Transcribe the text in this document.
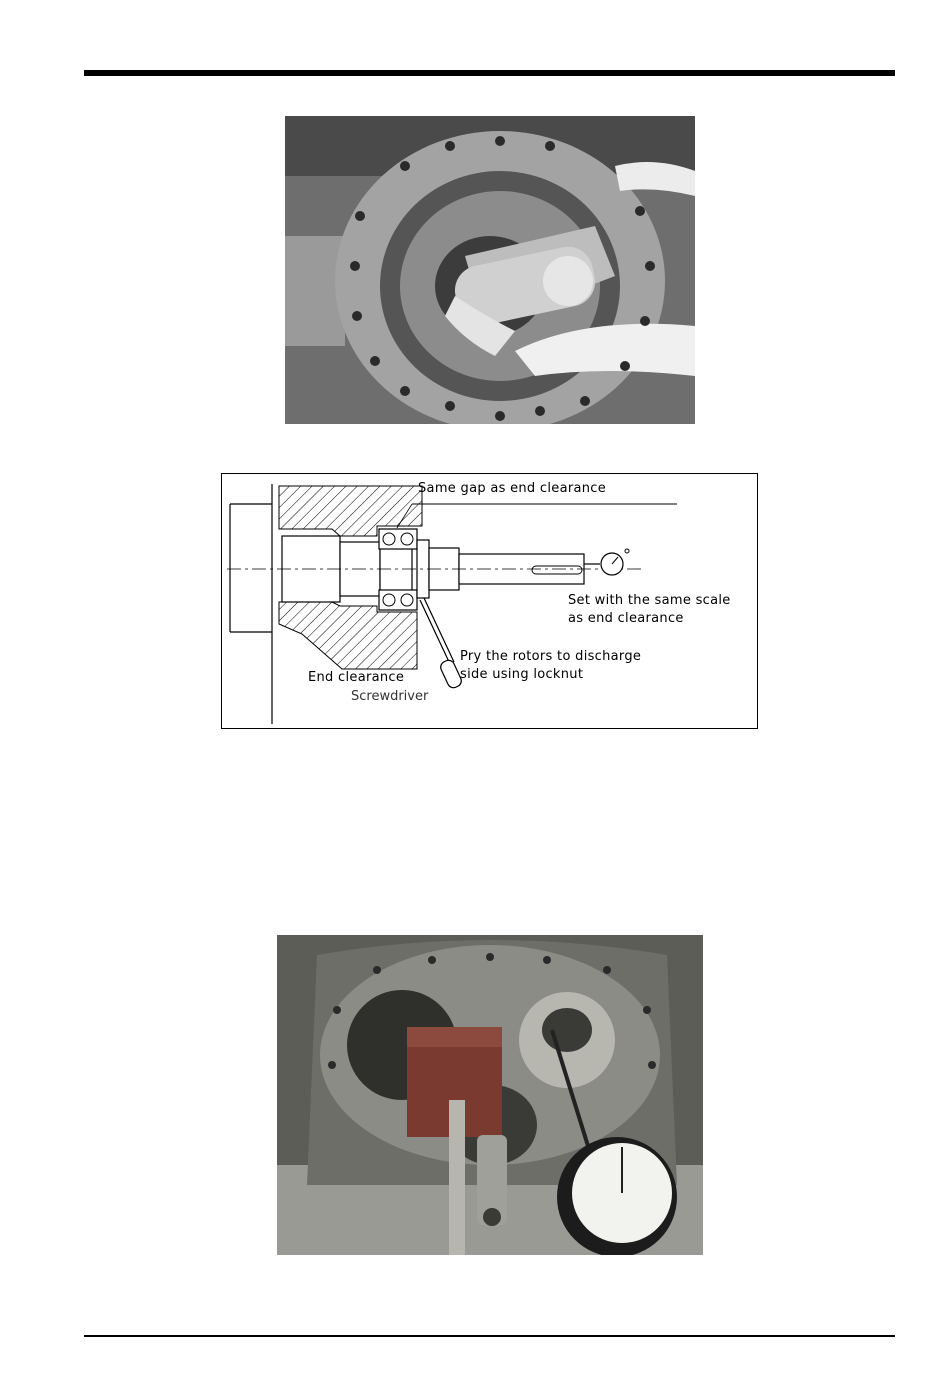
Same gap as end clearance
Set with the same scale
as end clearance
Pry the rotors to discharge
side using locknut
End clearance
Screwdriver
